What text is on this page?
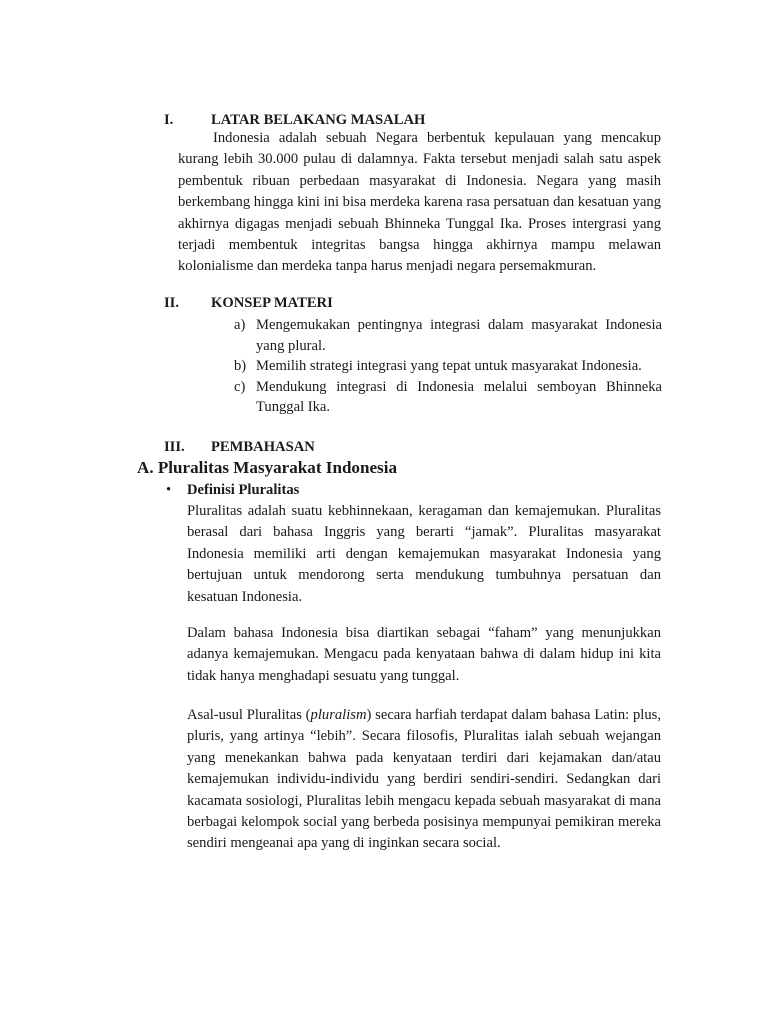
I.	LATAR BELAKANG MASALAH

Indonesia adalah sebuah Negara berbentuk kepulauan yang mencakup kurang lebih 30.000 pulau di dalamnya. Fakta tersebut menjadi salah satu aspek pembentuk ribuan perbedaan masyarakat di Indonesia. Negara yang masih berkembang hingga kini ini bisa merdeka karena rasa persatuan dan kesatuan yang akhirnya digagas menjadi sebuah Bhinneka Tunggal Ika. Proses intergrasi yang terjadi membentuk integritas bangsa hingga akhirnya mampu melawan kolonialisme dan merdeka tanpa harus menjadi negara persemakmuran.

II.	KONSEP MATERI
a) Mengemukakan pentingnya integrasi dalam masyarakat Indonesia yang plural.
b) Memilih strategi integrasi yang tepat untuk masyarakat Indonesia.
c) Mendukung integrasi di Indonesia melalui semboyan Bhinneka Tunggal Ika.
III.	PEMBAHASAN
A. Pluralitas Masyarakat Indonesia
•	Definisi Pluralitas

Pluralitas adalah suatu kebhinnekaan, keragaman dan kemajemukan. Pluralitas berasal dari bahasa Inggris yang berarti “jamak”. Pluralitas masyarakat Indonesia memiliki arti dengan kemajemukan masyarakat Indonesia yang bertujuan untuk mendorong serta mendukung tumbuhnya persatuan dan kesatuan Indonesia.

Dalam bahasa Indonesia bisa diartikan sebagai “faham” yang menunjukkan adanya kemajemukan. Mengacu pada kenyataan bahwa di dalam hidup ini kita tidak hanya menghadapi sesuatu yang tunggal.

Asal-usul Pluralitas (pluralism) secara harfiah terdapat dalam bahasa Latin: plus, pluris, yang artinya “lebih”. Secara filosofis, Pluralitas ialah sebuah wejangan yang menekankan bahwa pada kenyataan terdiri dari kejamakan dan/atau kemajemukan individu-individu yang berdiri sendiri-sendiri. Sedangkan dari kacamata sosiologi, Pluralitas lebih mengacu kepada sebuah masyarakat di mana berbagai kelompok social yang berbeda posisinya mempunyai pemikiran mereka sendiri mengeanai apa yang di inginkan secara social.
